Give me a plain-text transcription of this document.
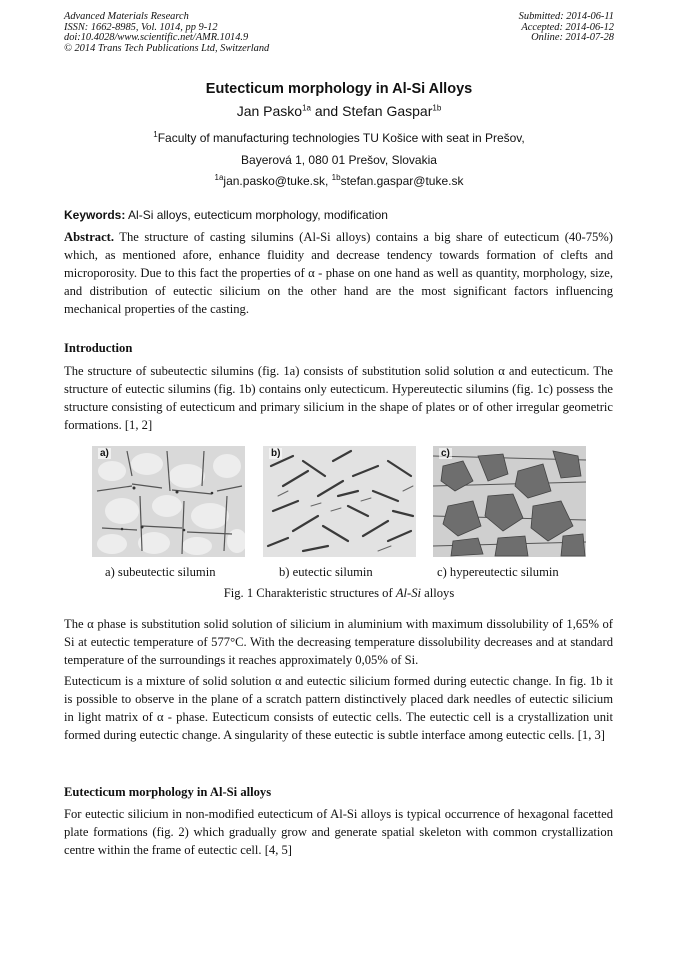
Advanced Materials Research
ISSN: 1662-8985, Vol. 1014, pp 9-12
doi:10.4028/www.scientific.net/AMR.1014.9
© 2014 Trans Tech Publications Ltd, Switzerland
Submitted: 2014-06-11
Accepted: 2014-06-12
Online: 2014-07-28
Eutecticum morphology in Al-Si Alloys
Jan Pasko$^{1a}$ and Stefan Gaspar$^{1b}$
$^1$Faculty of manufacturing technologies TU Košice with seat in Prešov,
Bayerová 1, 080 01 Prešov, Slovakia
$^{1a}$jan.pasko@tuke.sk, $^{1b}$stefan.gaspar@tuke.sk
Keywords: Al-Si alloys, eutecticum morphology, modification
Abstract. The structure of casting silumins (Al-Si alloys) contains a big share of eutecticum (40-75%) which, as mentioned afore, enhance fluidity and decrease tendency towards formation of clefts and microporosity. Due to this fact the properties of α - phase on one hand as well as quantity, morphology, size, and distribution of eutectic silicium on the other hand are the most significant factors influencing mechanical properties of the casting.
Introduction
The structure of subeutectic silumins (fig. 1a) consists of substitution solid solution α and eutecticum. The structure of eutectic silumins (fig. 1b) contains only eutecticum. Hypereutectic silumins (fig. 1c) possess the structure consisting of eutecticum and primary silicium in the shape of plates or of other irregular geometric formations. [1, 2]
a)	b)	c)
a) subeutectic silumin	b) eutectic silumin	c) hypereutectic silumin
Fig. 1 Charakteristic structures of Al-Si alloys
The α phase is substitution solid solution of silicium in aluminium with maximum dissolubility of 1,65% of Si at eutectic temperature of 577°C. With the decreasing temperature dissolubility decreases and at standard temperature of the surroundings it reaches approximately 0,05% of Si.
Eutecticum is a mixture of solid solution α and eutectic silicium formed during eutectic change. In fig. 1b it is possible to observe in the plane of a scratch pattern distinctively placed dark needles of eutectic silicium in light matrix of α - phase. Eutecticum consists of eutectic cells. The eutectic cell is a crystallization unit formed during eutectic change. A singularity of these eutectic is subtle interface among eutectic cells. [1, 3]
Eutecticum morphology in Al-Si alloys
For eutectic silicium in non-modified eutecticum of Al-Si alloys is typical occurrence of hexagonal facetted plate formations (fig. 2) which gradually grow and generate spatial skeleton with common crystallization centre within the frame of eutectic cell. [4, 5]
